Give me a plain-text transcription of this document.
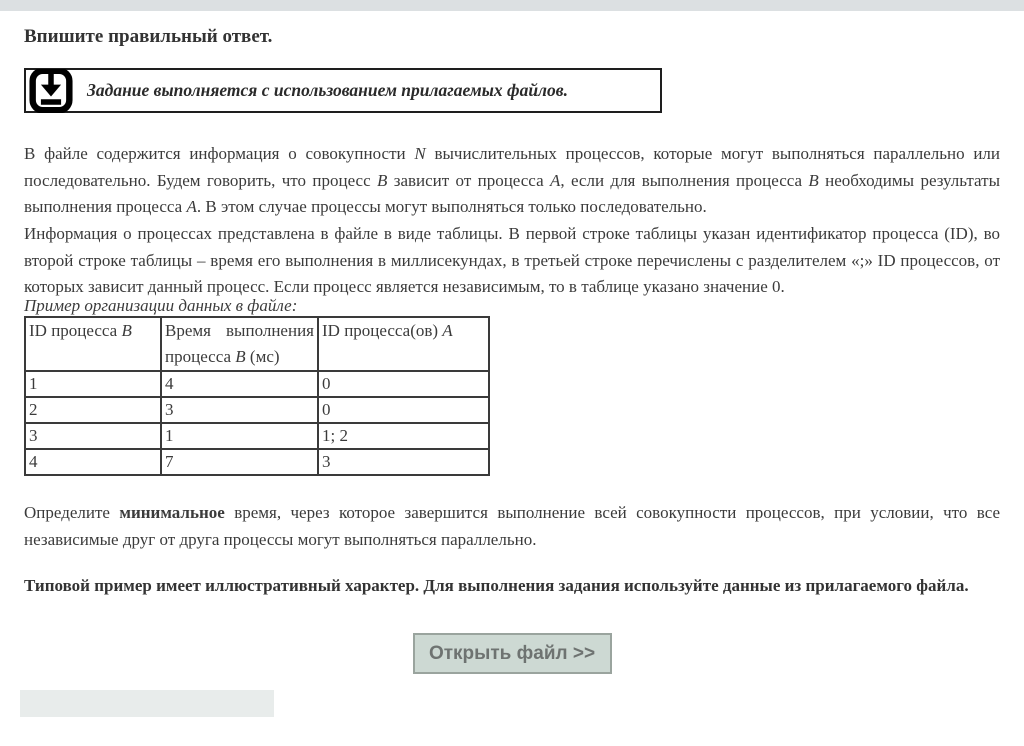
Впишите правильный ответ.
Задание выполняется с использованием прилагаемых файлов.

В файле содержится информация о совокупности N вычислительных процессов, которые могут выполняться параллельно или последовательно. Будем говорить, что процесс B зависит от процесса A, если для выполнения процесса B необходимы результаты выполнения процесса A. В этом случае процессы могут выполняться только последовательно.

Информация о процессах представлена в файле в виде таблицы. В первой строке таблицы указан идентификатор процесса (ID), во второй строке таблицы – время его выполнения в миллисекундах, в третьей строке перечислены с разделителем «;» ID процессов, от которых зависит данный процесс. Если процесс является независимым, то в таблице указано значение 0.

Пример организации данных в файле:
ID процесса B	Время выполнения процесса B (мс)	ID процесса(ов) A
1	4	0
2	3	0
3	1	1; 2
4	7	3

Определите минимальное время, через которое завершится выполнение всей совокупности процессов, при условии, что все независимые друг от друга процессы могут выполняться параллельно.

Типовой пример имеет иллюстративный характер. Для выполнения задания используйте данные из прилагаемого файла.

Открыть файл >>
